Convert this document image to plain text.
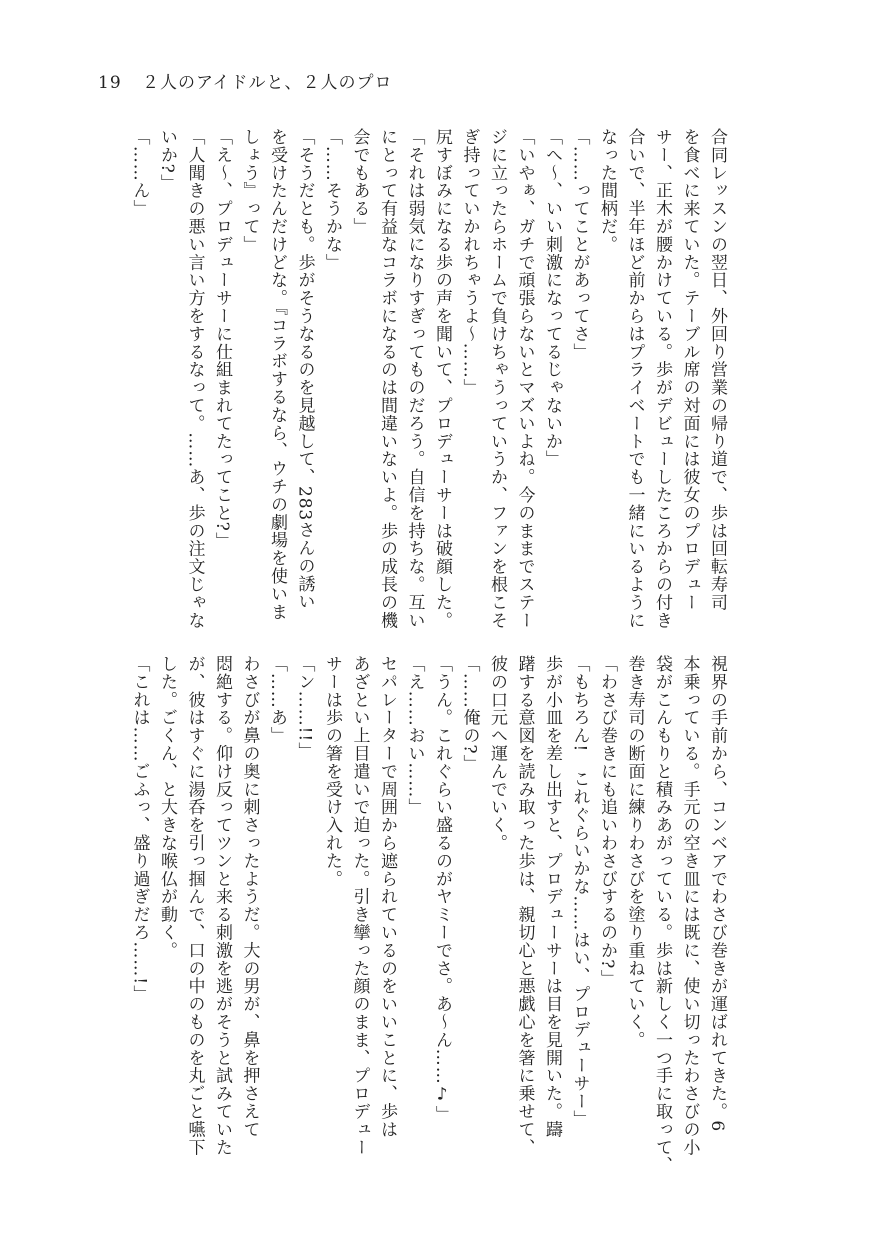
19 ２人のアイドルと、２人のプロ

合同レッスンの翌日、外回り営業の帰り道で、歩は回転寿司

を食べに来ていた。テーブル席の対面には彼女のプロデュー

サー、正木が腰かけている。歩がデビューしたころからの付き

合いで、半年ほど前からはプライベートでも一緒にいるように

なった間柄だ。

「……ってことがあってさ」

「へ～、いい刺激になってるじゃないか」

「いやぁ、ガチで頑張らないとマズいよね。今のままでステー

ジに立ったらホームで負けちゃうっていうか、ファンを根こそ

ぎ持っていかれちゃうよ～……」

尻すぼみになる歩の声を聞いて、プロデューサーは破顔した。

「それは弱気になりすぎってものだろう。自信を持ちな。互い

にとって有益なコラボになるのは間違いないよ。歩の成長の機

会でもある」

「……そうかな」

「そうだとも。歩がそうなるのを見越して、283さんの誘い

を受けたんだけどな。『コラボするなら、ウチの劇場を使いま

しょう』って」

「え～、プロデューサーに仕組まれてたってこと?」

「人聞きの悪い言い方をするなって。……あ、歩の注文じゃな

いか?」

「……ん」

視界の手前から、コンベアでわさび巻きが運ばれてきた。6

本乗っている。手元の空き皿には既に、使い切ったわさびの小

袋がこんもりと積みあがっている。歩は新しく一つ手に取って、

巻き寿司の断面に練りわさびを塗り重ねていく。

「わさび巻きにも追いわさびするのか?」

「もちろん!　これぐらいかな……はい、プロデューサー」

歩が小皿を差し出すと、プロデューサーは目を見開いた。躊

躇する意図を読み取った歩は、親切心と悪戯心を箸に乗せて、

彼の口元へ運んでいく。

「……俺の?」

「うん。これぐらい盛るのがヤミーでさ。あ～ん……♪」

「え……おい……」

セパレーターで周囲から遮られているのをいいことに、歩は

あざとい上目遣いで迫った。引き攣った顔のまま、プロデュー

サーは歩の箸を受け入れた。

「ン……!!」

「……あ」

わさびが鼻の奥に刺さったようだ。大の男が、鼻を押さえて

悶絶する。仰け反ってツンと来る刺激を逃がそうと試みていた

が、彼はすぐに湯呑を引っ掴んで、口の中のものを丸ごと嚥下

した。ごくん、と大きな喉仏が動く。

「これは……ごふっ、盛り過ぎだろ……!」
